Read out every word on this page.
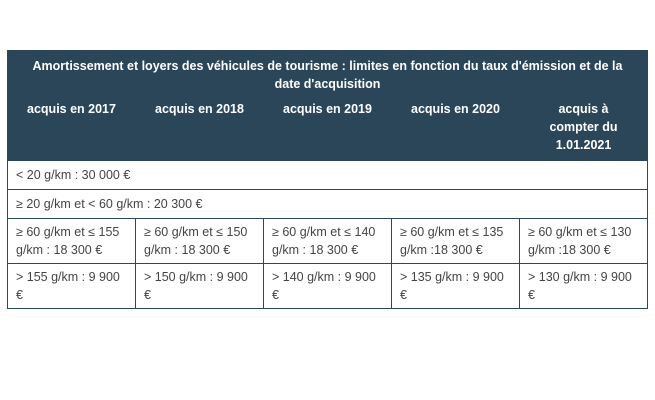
Amortissement et loyers des véhicules de tourisme : limites en fonction du taux d'émission et de la date d'acquisition				
acquis en 2017	acquis en 2018	acquis en 2019	acquis en 2020	acquis à compter du 1.01.2021
< 20 g/km : 30 000 €				
≥ 20 g/km et < 60 g/km : 20 300 €				
≥ 60 g/km et ≤ 155 g/km : 18 300 €	≥ 60 g/km et ≤ 150 g/km : 18 300 €	≥ 60 g/km et ≤ 140 g/km : 18 300 €	≥ 60 g/km et ≤ 135 g/km :18 300 €	≥ 60 g/km et ≤ 130 g/km :18 300 €
> 155 g/km : 9 900 €	> 150 g/km : 9 900 €	> 140 g/km : 9 900 €	> 135 g/km : 9 900 €	> 130 g/km : 9 900 €
